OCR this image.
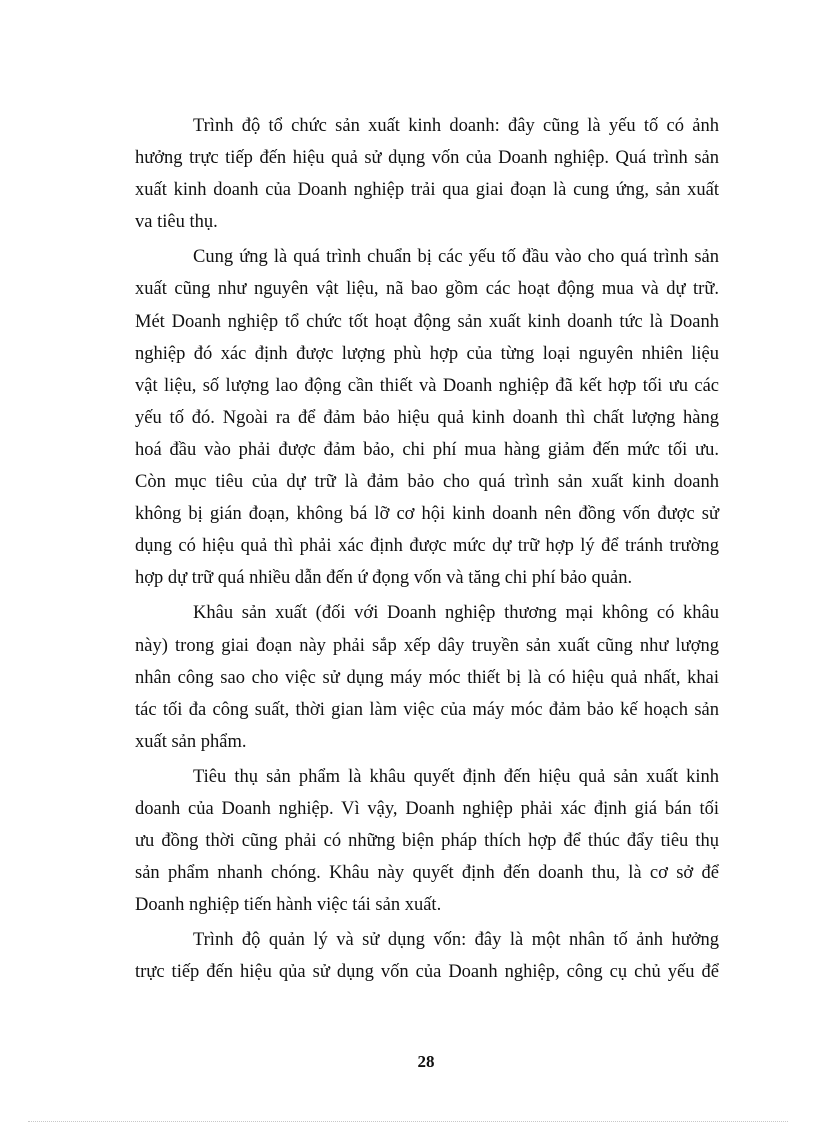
Trình độ tổ chức sản xuất kinh doanh: đây cũng là yếu tố có ảnh
hưởng trực tiếp đến hiệu quả sử dụng vốn của Doanh nghiệp. Quá trình sản
xuất kinh doanh của Doanh nghiệp trải qua giai đoạn là cung ứng, sản xuất
va tiêu thụ.
Cung ứng là quá trình chuẩn bị các yếu tố đầu vào cho quá trình sản
xuất cũng như nguyên vật liệu, nã bao gồm các hoạt động mua và dự trữ.
Mét Doanh nghiệp tổ chức tốt hoạt động sản xuất kinh doanh tức là Doanh
nghiệp đó xác định được lượng phù hợp của từng loại nguyên nhiên liệu
vật liệu, số lượng lao động cần thiết và Doanh nghiệp đã kết hợp tối ưu các
yếu tố đó. Ngoài ra để đảm bảo hiệu quả kinh doanh thì chất lượng hàng
hoá đầu vào phải được đảm bảo, chi phí mua hàng giảm đến mức tối ưu.
Còn mục tiêu của dự trữ là đảm bảo cho quá trình sản xuất kinh doanh
không bị gián đoạn, không bá lỡ cơ hội kinh doanh nên đồng vốn được sử
dụng có hiệu quả thì phải xác định được mức dự trữ hợp lý để tránh trường
hợp dự trữ quá nhiều dẫn đến ứ đọng vốn và tăng chi phí bảo quản.
Khâu sản xuất (đối với Doanh nghiệp thương mại không có khâu
này) trong giai đoạn này phải sắp xếp dây truyền sản xuất cũng như lượng
nhân công sao cho việc sử dụng máy móc thiết bị là có hiệu quả nhất, khai
tác tối đa công suất, thời gian làm việc của máy móc đảm bảo kế hoạch sản
xuất sản phẩm.
Tiêu thụ sản phẩm là khâu quyết định đến hiệu quả sản xuất kinh
doanh của Doanh nghiệp. Vì vậy, Doanh nghiệp phải xác định giá bán tối
ưu đồng thời cũng phải có những biện pháp thích hợp để thúc đẩy tiêu thụ
sản phẩm nhanh chóng. Khâu này quyết định đến doanh thu, là cơ sở để
Doanh nghiệp tiến hành việc tái sản xuất.
Trình độ quản lý và sử dụng vốn: đây là một nhân tố ảnh hưởng
trực tiếp đến hiệu qủa sử dụng vốn của Doanh nghiệp, công cụ chủ yếu để
28
